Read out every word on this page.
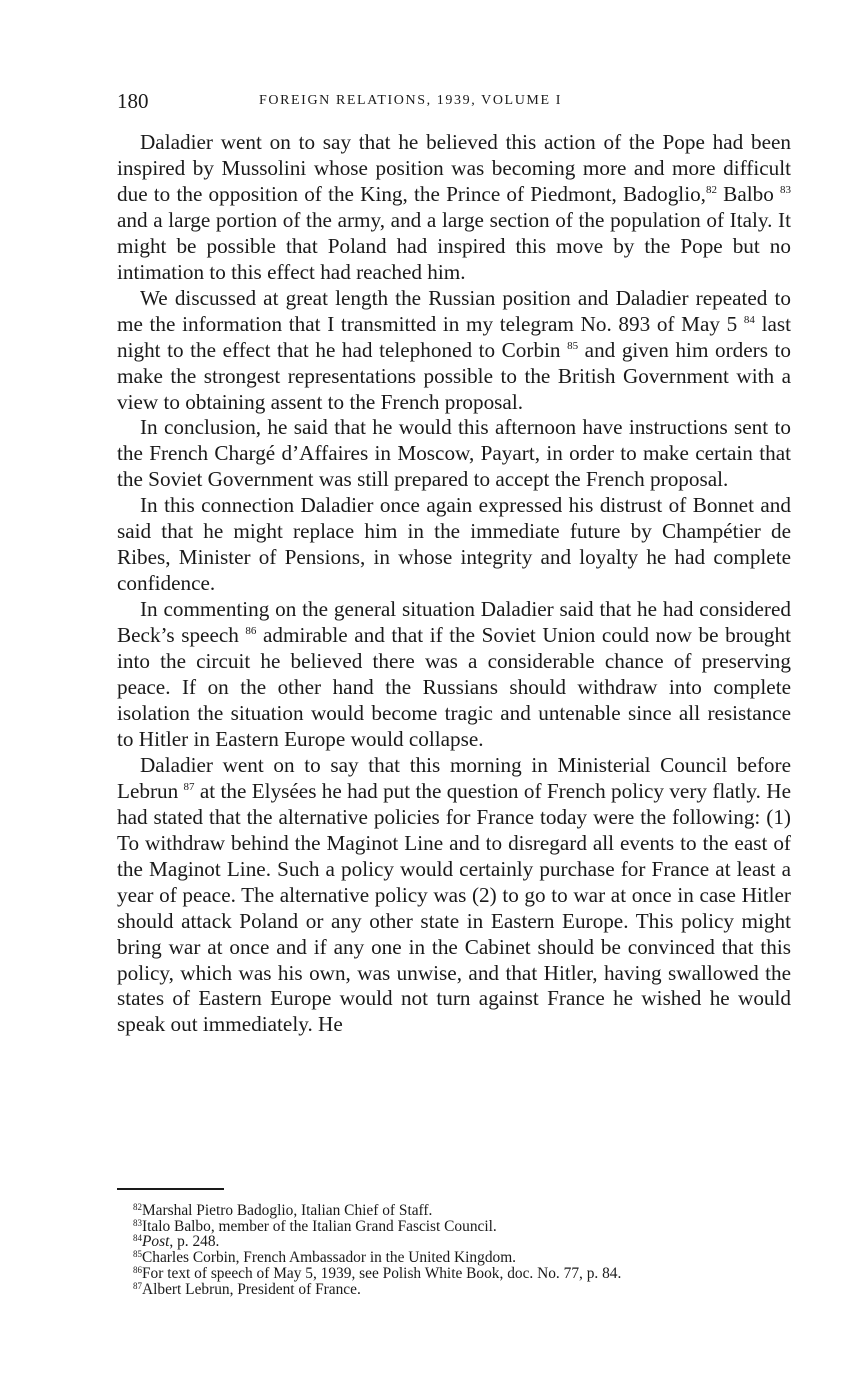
180	FOREIGN RELATIONS, 1939, VOLUME I

Daladier went on to say that he believed this action of the Pope had been inspired by Mussolini whose position was becoming more and more difficult due to the opposition of the King, the Prince of Piedmont, Badoglio,$^{82}$ Balbo $^{83}$ and a large portion of the army, and a large section of the population of Italy. It might be possible that Poland had inspired this move by the Pope but no intimation to this effect had reached him.

We discussed at great length the Russian position and Daladier repeated to me the information that I transmitted in my telegram No. 893 of May 5 $^{84}$ last night to the effect that he had telephoned to Corbin $^{85}$ and given him orders to make the strongest representations possible to the British Government with a view to obtaining assent to the French proposal.

In conclusion, he said that he would this afternoon have instructions sent to the French Chargé d’Affaires in Moscow, Payart, in order to make certain that the Soviet Government was still prepared to accept the French proposal.

In this connection Daladier once again expressed his distrust of Bonnet and said that he might replace him in the immediate future by Champétier de Ribes, Minister of Pensions, in whose integrity and loyalty he had complete confidence.

In commenting on the general situation Daladier said that he had considered Beck’s speech $^{86}$ admirable and that if the Soviet Union could now be brought into the circuit he believed there was a considerable chance of preserving peace. If on the other hand the Russians should withdraw into complete isolation the situation would become tragic and untenable since all resistance to Hitler in Eastern Europe would collapse.

Daladier went on to say that this morning in Ministerial Council before Lebrun $^{87}$ at the Elysées he had put the question of French policy very flatly. He had stated that the alternative policies for France today were the following: (1) To withdraw behind the Maginot Line and to disregard all events to the east of the Maginot Line. Such a policy would certainly purchase for France at least a year of peace. The alternative policy was (2) to go to war at once in case Hitler should attack Poland or any other state in Eastern Europe. This policy might bring war at once and if any one in the Cabinet should be convinced that this policy, which was his own, was unwise, and that Hitler, having swallowed the states of Eastern Europe would not turn against France he wished he would speak out immediately. He

$^{82}$Marshal Pietro Badoglio, Italian Chief of Staff.
$^{83}$Italo Balbo, member of the Italian Grand Fascist Council.
$^{84}$Post, p. 248.
$^{85}$Charles Corbin, French Ambassador in the United Kingdom.
$^{86}$For text of speech of May 5, 1939, see Polish White Book, doc. No. 77, p. 84.
$^{87}$Albert Lebrun, President of France.
